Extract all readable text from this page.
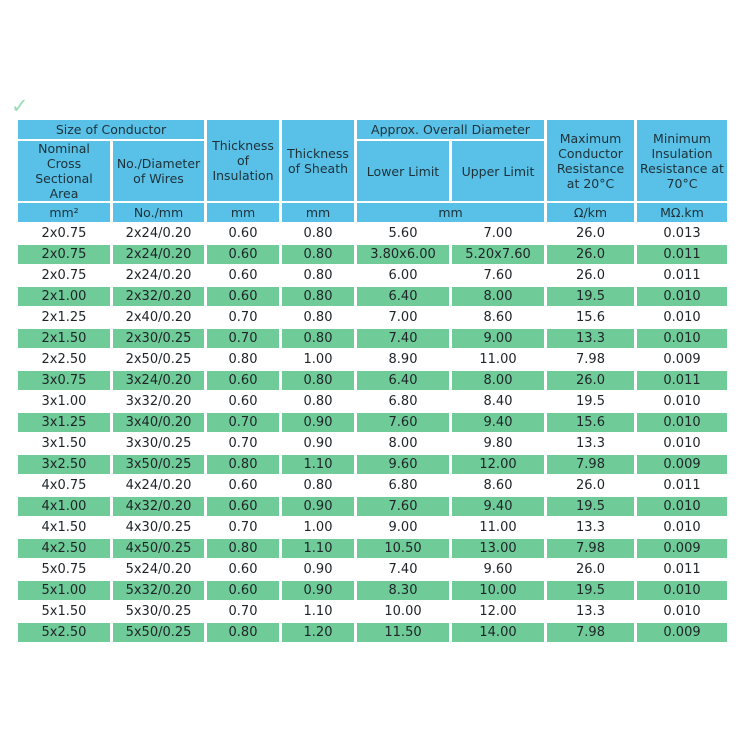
✓
Size of Conductor		Thickness of Insulation	Thickness of Sheath	Approx. Overall Diameter		Maximum Conductor Resistance at 20°C	Minimum Insulation Resistance at 70°C
Nominal Cross Sectional Area	No./Diameter of Wires			Lower Limit	Upper Limit		
mm²	No./mm	mm	mm	mm		Ω/km	MΩ.km
2x0.75	2x24/0.20	0.60	0.80	5.60	7.00	26.0	0.013
2x0.75	2x24/0.20	0.60	0.80	3.80x6.00	5.20x7.60	26.0	0.011
2x0.75	2x24/0.20	0.60	0.80	6.00	7.60	26.0	0.011
2x1.00	2x32/0.20	0.60	0.80	6.40	8.00	19.5	0.010
2x1.25	2x40/0.20	0.70	0.80	7.00	8.60	15.6	0.010
2x1.50	2x30/0.25	0.70	0.80	7.40	9.00	13.3	0.010
2x2.50	2x50/0.25	0.80	1.00	8.90	11.00	7.98	0.009
3x0.75	3x24/0.20	0.60	0.80	6.40	8.00	26.0	0.011
3x1.00	3x32/0.20	0.60	0.80	6.80	8.40	19.5	0.010
3x1.25	3x40/0.20	0.70	0.90	7.60	9.40	15.6	0.010
3x1.50	3x30/0.25	0.70	0.90	8.00	9.80	13.3	0.010
3x2.50	3x50/0.25	0.80	1.10	9.60	12.00	7.98	0.009
4x0.75	4x24/0.20	0.60	0.80	6.80	8.60	26.0	0.011
4x1.00	4x32/0.20	0.60	0.90	7.60	9.40	19.5	0.010
4x1.50	4x30/0.25	0.70	1.00	9.00	11.00	13.3	0.010
4x2.50	4x50/0.25	0.80	1.10	10.50	13.00	7.98	0.009
5x0.75	5x24/0.20	0.60	0.90	7.40	9.60	26.0	0.011
5x1.00	5x32/0.20	0.60	0.90	8.30	10.00	19.5	0.010
5x1.50	5x30/0.25	0.70	1.10	10.00	12.00	13.3	0.010
5x2.50	5x50/0.25	0.80	1.20	11.50	14.00	7.98	0.009
